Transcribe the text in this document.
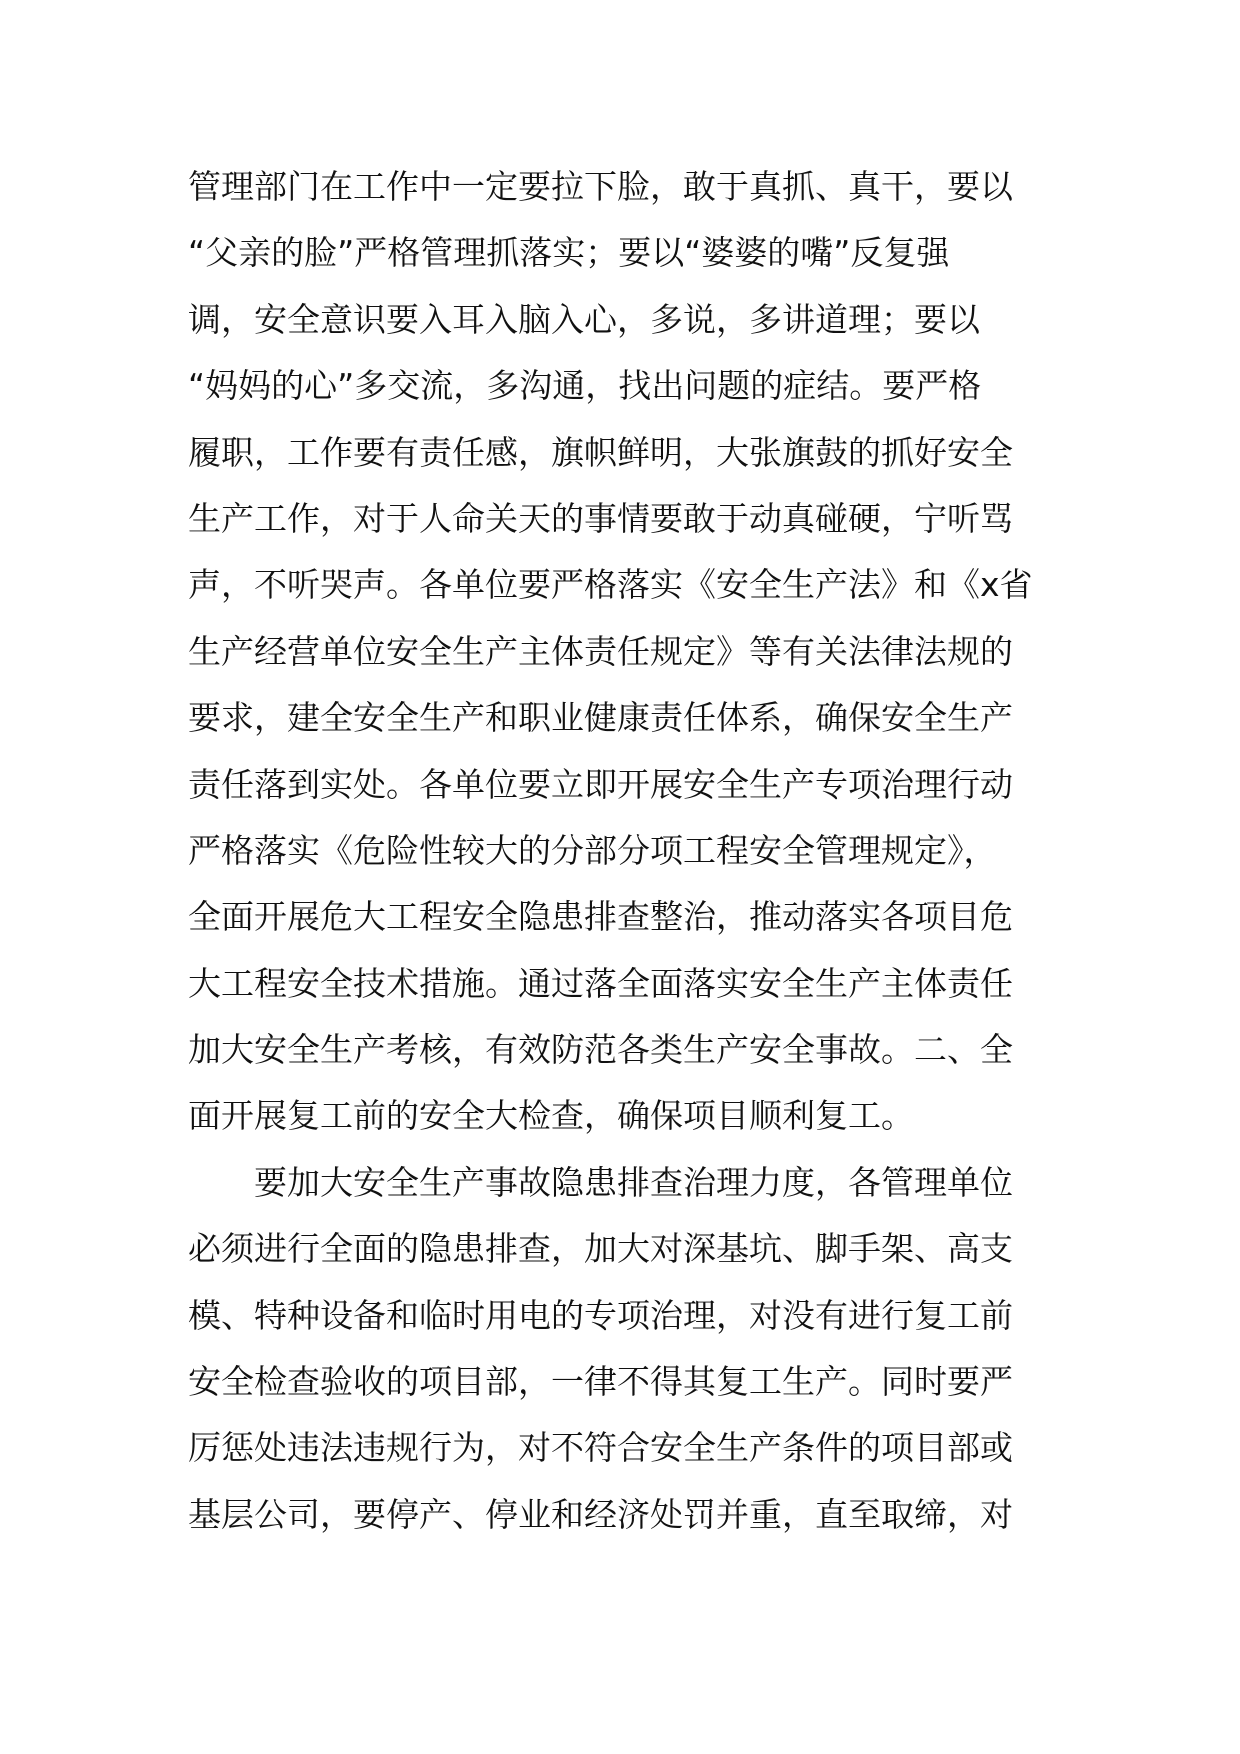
管理部门在工作中一定要拉下脸，敢于真抓、真干，要以
“父亲的脸”严格管理抓落实；要以“婆婆的嘴”反复强
调，安全意识要入耳入脑入心，多说，多讲道理；要以
“妈妈的心”多交流，多沟通，找出问题的症结。要严格
履职，工作要有责任感，旗帜鲜明，大张旗鼓的抓好安全
生产工作，对于人命关天的事情要敢于动真碰硬，宁听骂
声，不听哭声。各单位要严格落实《安全生产法》和《x省
生产经营单位安全生产主体责任规定》等有关法律法规的
要求，建全安全生产和职业健康责任体系，确保安全生产
责任落到实处。各单位要立即开展安全生产专项治理行动
严格落实《危险性较大的分部分项工程安全管理规定》，
全面开展危大工程安全隐患排查整治，推动落实各项目危
大工程安全技术措施。通过落全面落实安全生产主体责任
加大安全生产考核，有效防范各类生产安全事故。二、全
面开展复工前的安全大检查，确保项目顺利复工。
要加大安全生产事故隐患排查治理力度，各管理单位
必须进行全面的隐患排查，加大对深基坑、脚手架、高支
模、特种设备和临时用电的专项治理，对没有进行复工前
安全检查验收的项目部，一律不得其复工生产。同时要严
厉惩处违法违规行为，对不符合安全生产条件的项目部或
基层公司，要停产、停业和经济处罚并重，直至取缔，对
